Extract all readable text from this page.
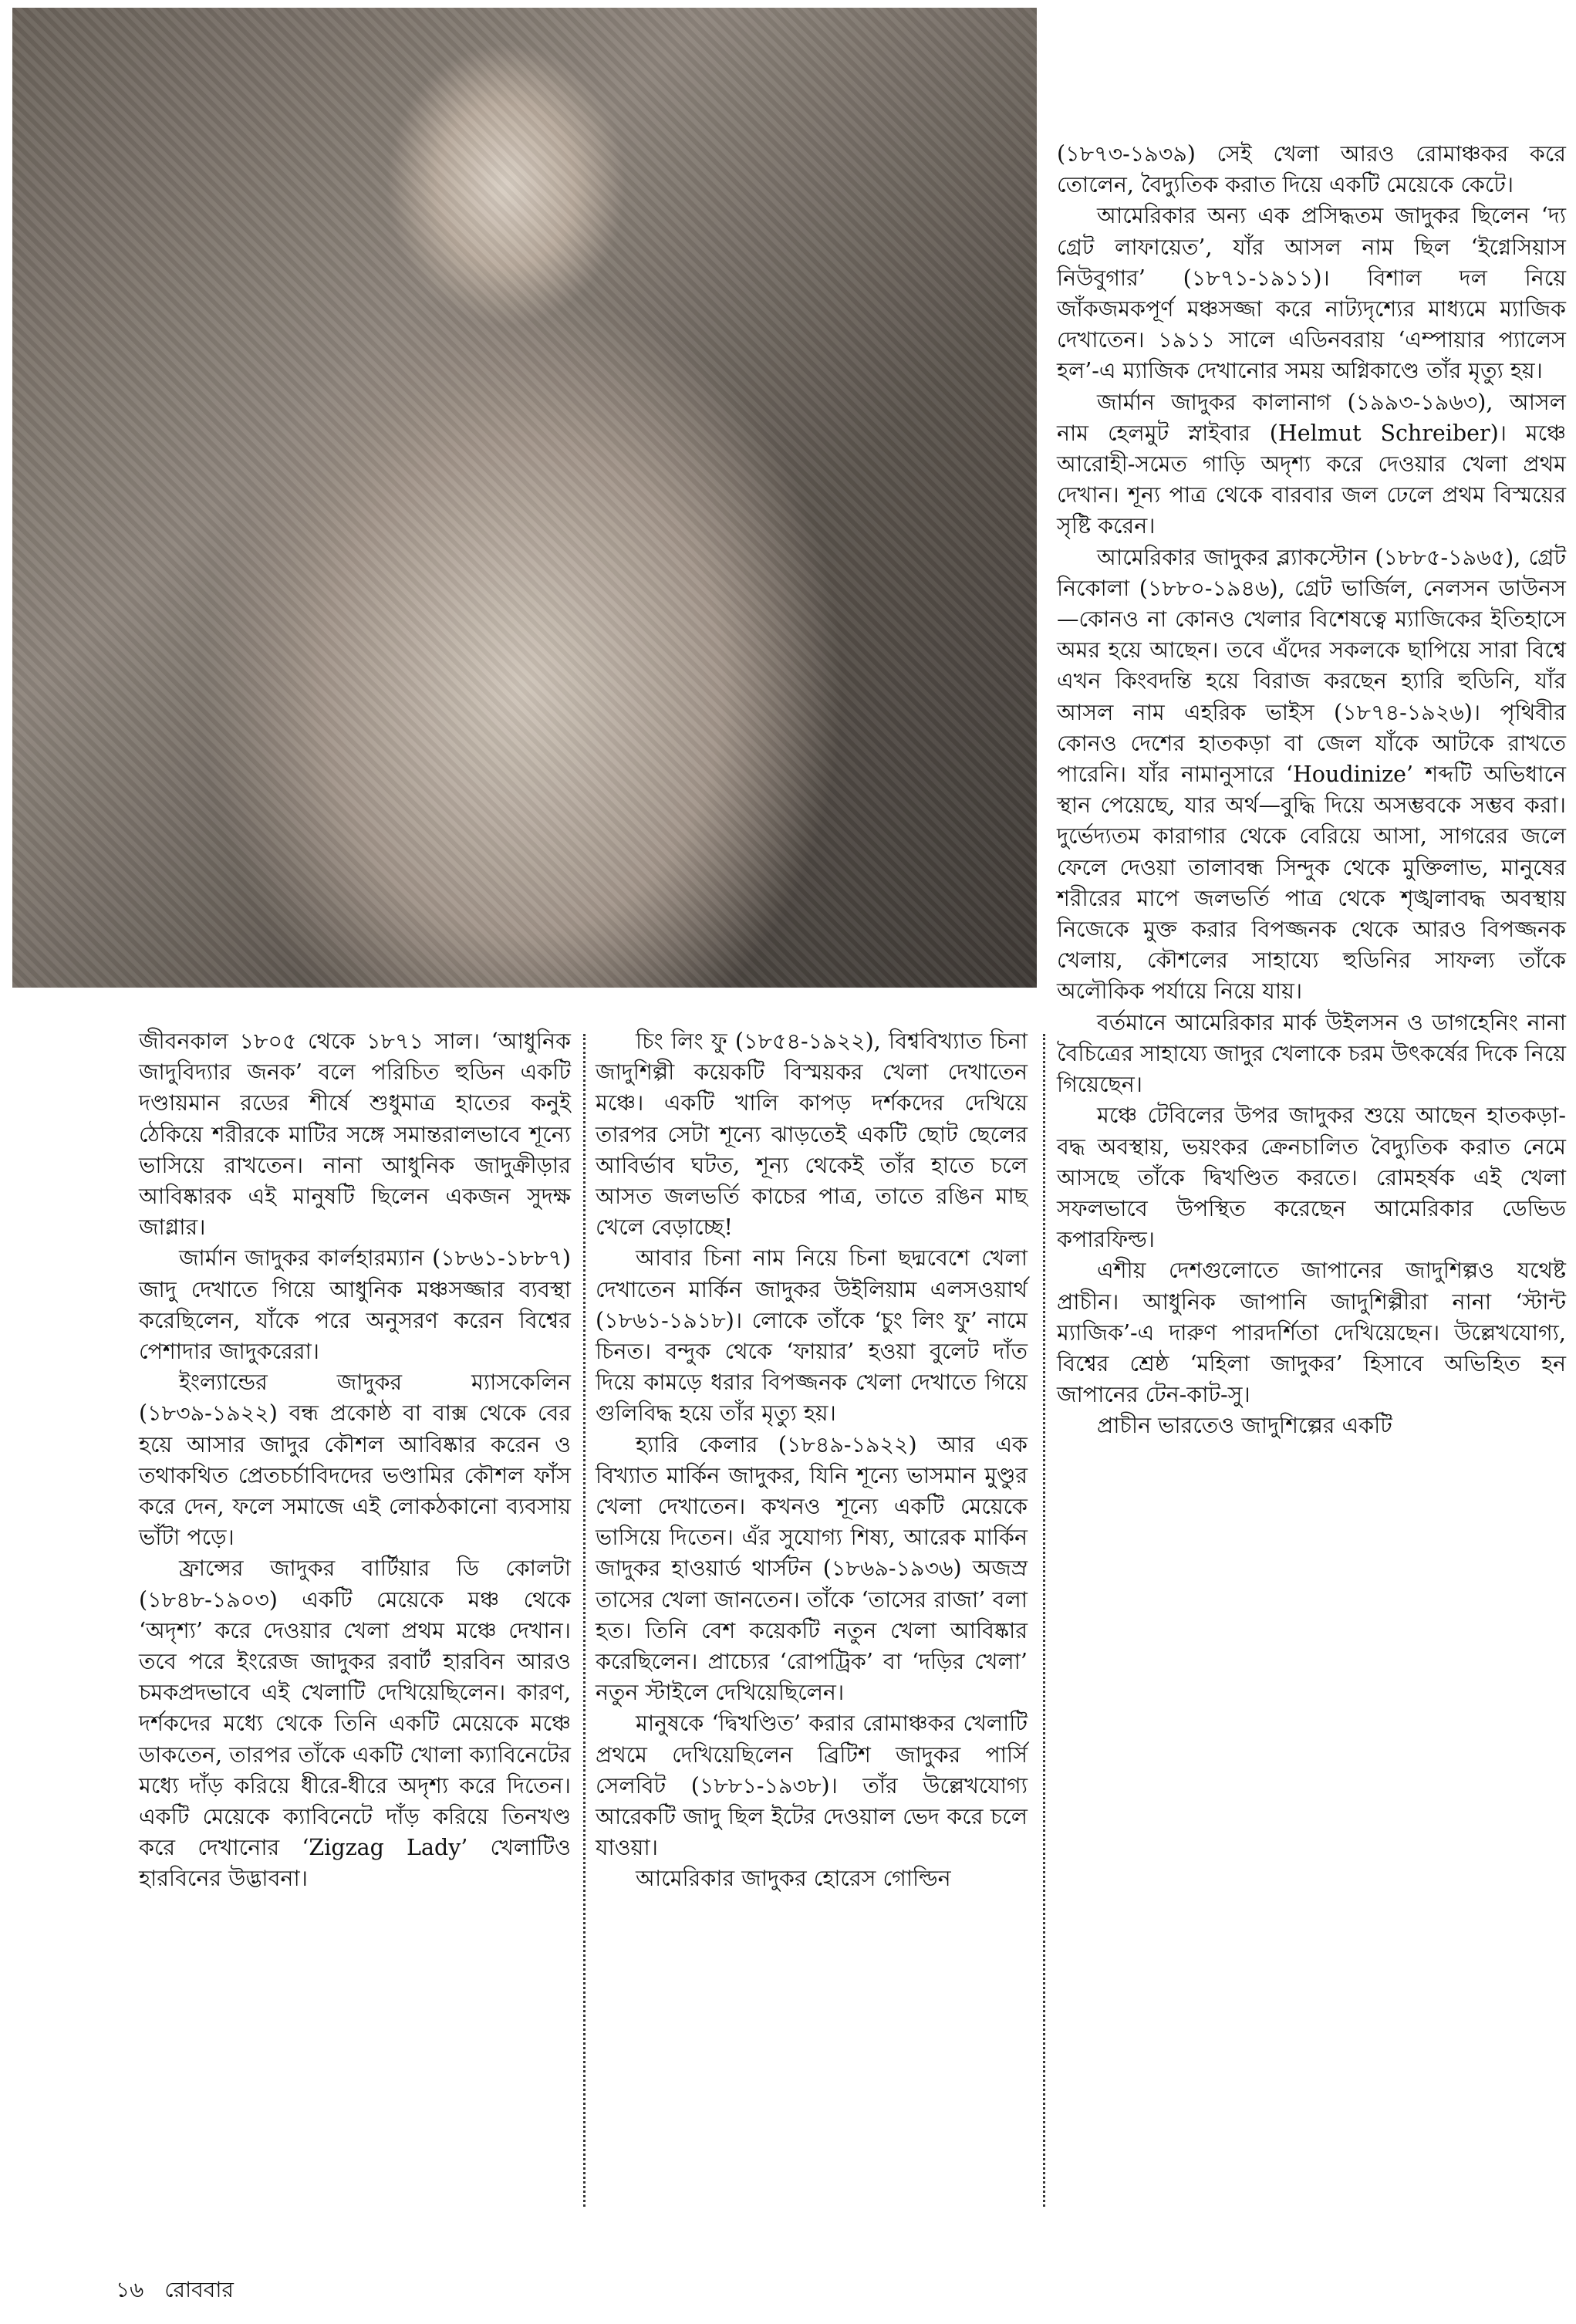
(১৮৭৩-১৯৩৯) সেই খেলা আরও রোমাঞ্চকর করে তোলেন, বৈদ্যুতিক করাত দিয়ে একটি মেয়েকে কেটে।

আমেরিকার অন্য এক প্রসিদ্ধতম জাদুকর ছিলেন ‘দ্য গ্রেট লাফায়েত’, যাঁর আসল নাম ছিল ‘ইগ্নেসিয়াস নিউবুগার’ (১৮৭১-১৯১১)। বিশাল দল নিয়ে জাঁকজমকপূর্ণ মঞ্চসজ্জা করে নাট্যদৃশ্যের মাধ্যমে ম্যাজিক দেখাতেন। ১৯১১ সালে এডিনবরায় ‘এম্পায়ার প্যালেস হল’-এ ম্যাজিক দেখানোর সময় অগ্নিকাণ্ডে তাঁর মৃত্যু হয়।

জার্মান জাদুকর কালানাগ (১৯৯৩-১৯৬৩), আসল নাম হেলমুট স্নাইবার (Helmut Schreiber)। মঞ্চে আরোহী-সমেত গাড়ি অদৃশ্য করে দেওয়ার খেলা প্রথম দেখান। শূন্য পাত্র থেকে বারবার জল ঢেলে প্রথম বিস্ময়ের সৃষ্টি করেন।

আমেরিকার জাদুকর ব্ল্যাকস্টোন (১৮৮৫-১৯৬৫), গ্রেট নিকোলা (১৮৮০-১৯৪৬), গ্রেট ভার্জিল, নেলসন ডাউনস—কোনও না কোনও খেলার বিশেষত্বে ম্যাজিকের ইতিহাসে অমর হয়ে আছেন। তবে এঁদের সকলকে ছাপিয়ে সারা বিশ্বে এখন কিংবদন্তি হয়ে বিরাজ করছেন হ্যারি হুডিনি, যাঁর আসল নাম এহরিক ভাইস (১৮৭৪-১৯২৬)। পৃথিবীর কোনও দেশের হাতকড়া বা জেল যাঁকে আটকে রাখতে পারেনি। যাঁর নামানুসারে ‘Houdinize’ শব্দটি অভিধানে স্থান পেয়েছে, যার অর্থ—বুদ্ধি দিয়ে অসম্ভবকে সম্ভব করা। দুর্ভেদ্যতম কারাগার থেকে বেরিয়ে আসা, সাগরের জলে ফেলে দেওয়া তালাবন্ধ সিন্দুক থেকে মুক্তিলাভ, মানুষের শরীরের মাপে জলভর্তি পাত্র থেকে শৃঙ্খলাবদ্ধ অবস্থায় নিজেকে মুক্ত করার বিপজ্জনক থেকে আরও বিপজ্জনক খেলায়, কৌশলের সাহায্যে হুডিনির সাফল্য তাঁকে অলৌকিক পর্যায়ে নিয়ে যায়।

বর্তমানে আমেরিকার মার্ক উইলসন ও ডাগহেনিং নানা বৈচিত্রের সাহায্যে জাদুর খেলাকে চরম উৎকর্ষের দিকে নিয়ে গিয়েছেন।

মঞ্চে টেবিলের উপর জাদুকর শুয়ে আছেন হাতকড়া-বদ্ধ অবস্থায়, ভয়ংকর ক্রেনচালিত বৈদ্যুতিক করাত নেমে আসছে তাঁকে দ্বিখণ্ডিত করতে। রোমহর্ষক এই খেলা সফলভাবে উপস্থিত করেছেন আমেরিকার ডেভিড কপারফিল্ড।

এশীয় দেশগুলোতে জাপানের জাদুশিল্পও যথেষ্ট প্রাচীন। আধুনিক জাপানি জাদুশিল্পীরা নানা ‘স্টান্ট ম্যাজিক’-এ দারুণ পারদর্শিতা দেখিয়েছেন। উল্লেখযোগ্য, বিশ্বের শ্রেষ্ঠ ‘মহিলা জাদুকর’ হিসাবে অভিহিত হন জাপানের টেন-কাট-সু।

প্রাচীন ভারতেও জাদুশিল্পের একটি

জীবনকাল ১৮০৫ থেকে ১৮৭১ সাল। ‘আধুনিক জাদুবিদ্যার জনক’ বলে পরিচিত হুডিন একটি দণ্ডায়মান রডের শীর্ষে শুধুমাত্র হাতের কনুই ঠেকিয়ে শরীরকে মাটির সঙ্গে সমান্তরালভাবে শূন্যে ভাসিয়ে রাখতেন। নানা আধুনিক জাদুক্রীড়ার আবিষ্কারক এই মানুষটি ছিলেন একজন সুদক্ষ জাগ্লার।

জার্মান জাদুকর কার্লহারম্যান (১৮৬১-১৮৮৭) জাদু দেখাতে গিয়ে আধুনিক মঞ্চসজ্জার ব্যবস্থা করেছিলেন, যাঁকে পরে অনুসরণ করেন বিশ্বের পেশাদার জাদুকরেরা।

ইংল্যান্ডের জাদুকর ম্যাসকেলিন (১৮৩৯-১৯২২) বন্ধ প্রকোষ্ঠ বা বাক্স থেকে বের হয়ে আসার জাদুর কৌশল আবিষ্কার করেন ও তথাকথিত প্রেতচর্চাবিদদের ভণ্ডামির কৌশল ফাঁস করে দেন, ফলে সমাজে এই লোকঠকানো ব্যবসায় ভাঁটা পড়ে।

ফ্রান্সের জাদুকর বার্টিয়ার ডি কোলটা (১৮৪৮-১৯০৩) একটি মেয়েকে মঞ্চ থেকে ‘অদৃশ্য’ করে দেওয়ার খেলা প্রথম মঞ্চে দেখান। তবে পরে ইংরেজ জাদুকর রবার্ট হারবিন আরও চমকপ্রদভাবে এই খেলাটি দেখিয়েছিলেন। কারণ, দর্শকদের মধ্যে থেকে তিনি একটি মেয়েকে মঞ্চে ডাকতেন, তারপর তাঁকে একটি খোলা ক্যাবিনেটের মধ্যে দাঁড় করিয়ে ধীরে-ধীরে অদৃশ্য করে দিতেন। একটি মেয়েকে ক্যাবিনেটে দাঁড় করিয়ে তিনখণ্ড করে দেখানোর ‘Zigzag Lady’ খেলাটিও হারবিনের উদ্ভাবনা।

চিং লিং ফু (১৮৫৪-১৯২২), বিশ্ববিখ্যাত চিনা জাদুশিল্পী কয়েকটি বিস্ময়কর খেলা দেখাতেন মঞ্চে। একটি খালি কাপড় দর্শকদের দেখিয়ে তারপর সেটা শূন্যে ঝাড়তেই একটি ছোট ছেলের আবির্ভাব ঘটত, শূন্য থেকেই তাঁর হাতে চলে আসত জলভর্তি কাচের পাত্র, তাতে রঙিন মাছ খেলে বেড়াচ্ছে!

আবার চিনা নাম নিয়ে চিনা ছদ্মবেশে খেলা দেখাতেন মার্কিন জাদুকর উইলিয়াম এলসওয়ার্থ (১৮৬১-১৯১৮)। লোকে তাঁকে ‘চুং লিং ফু’ নামে চিনত। বন্দুক থেকে ‘ফায়ার’ হওয়া বুলেট দাঁত দিয়ে কামড়ে ধরার বিপজ্জনক খেলা দেখাতে গিয়ে গুলিবিদ্ধ হয়ে তাঁর মৃত্যু হয়।

হ্যারি কেলার (১৮৪৯-১৯২২) আর এক বিখ্যাত মার্কিন জাদুকর, যিনি শূন্যে ভাসমান মুণ্ডুর খেলা দেখাতেন। কখনও শূন্যে একটি মেয়েকে ভাসিয়ে দিতেন। এঁর সুযোগ্য শিষ্য, আরেক মার্কিন জাদুকর হাওয়ার্ড থার্সটন (১৮৬৯-১৯৩৬) অজস্র তাসের খেলা জানতেন। তাঁকে ‘তাসের রাজা’ বলা হত। তিনি বেশ কয়েকটি নতুন খেলা আবিষ্কার করেছিলেন। প্রাচ্যের ‘রোপট্রিক’ বা ‘দড়ির খেলা’ নতুন স্টাইলে দেখিয়েছিলেন।

মানুষকে ‘দ্বিখণ্ডিত’ করার রোমাঞ্চকর খেলাটি প্রথমে দেখিয়েছিলেন ব্রিটিশ জাদুকর পার্সি সেলবিট (১৮৮১-১৯৩৮)। তাঁর উল্লেখযোগ্য আরেকটি জাদু ছিল ইটের দেওয়াল ভেদ করে চলে যাওয়া।

আমেরিকার জাদুকর হোরেস গোল্ডিন

১৬ রোববার
